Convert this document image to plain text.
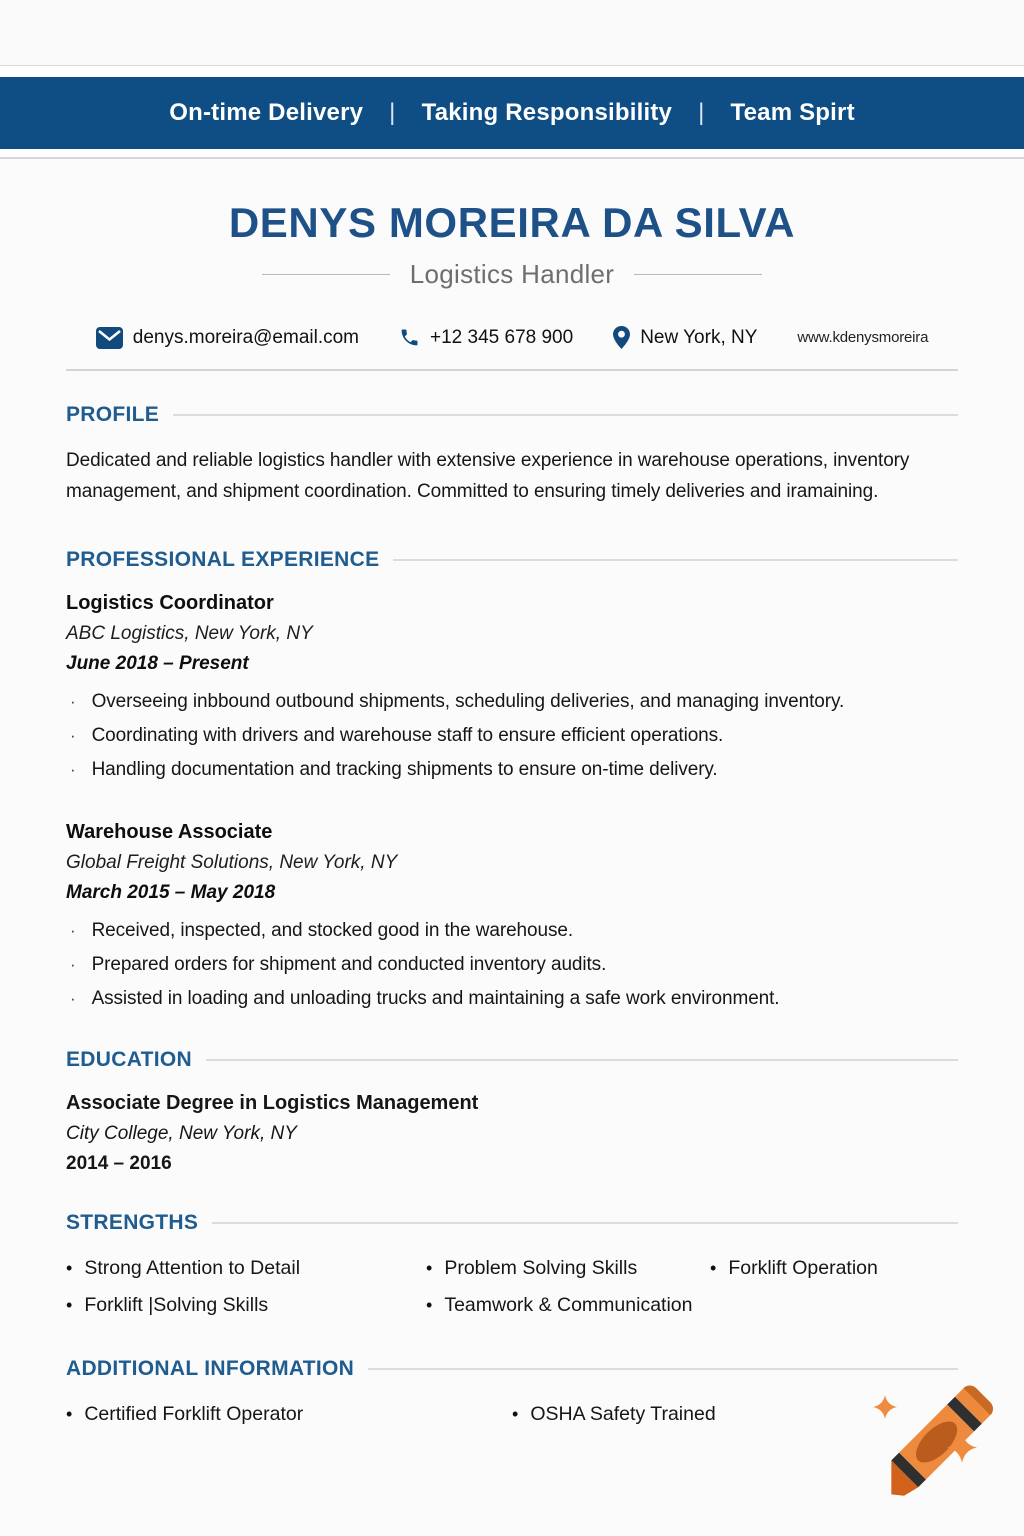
On-time Delivery | Taking Responsibility | Team Spirt
DENYS MOREIRA DA SILVA
Logistics Handler
denys.moreira@email.com	+12 345 678 900	New York, NY	www.kdenysmoreira
PROFILE

Dedicated and reliable logistics handler with extensive experience in warehouse operations, inventory management, and shipment coordination. Committed to ensuring timely deliveries and iramaining.

PROFESSIONAL EXPERIENCE
Logistics Coordinator
ABC Logistics, New York, NY
June 2018 – Present
· Overseeing inbbound outbound shipments, scheduling deliveries, and managing inventory.
· Coordinating with drivers and warehouse staff to ensure efficient operations.
· Handling documentation and tracking shipments to ensure on-time delivery.
Warehouse Associate
Global Freight Solutions, New York, NY
March 2015 – May 2018
· Received, inspected, and stocked good in the warehouse.
· Prepared orders for shipment and conducted inventory audits.
· Assisted in loading and unloading trucks and maintaining a safe work environment.
EDUCATION
Associate Degree in Logistics Management
City College, New York, NY
2014 – 2016
STRENGTHS
• Strong Attention to Detail	• Problem Solving Skills	• Forklift Operation
• Forklift |Solving Skills	• Teamwork & Communication
ADDITIONAL INFORMATION
• Certified Forklift Operator	• OSHA Safety Trained
